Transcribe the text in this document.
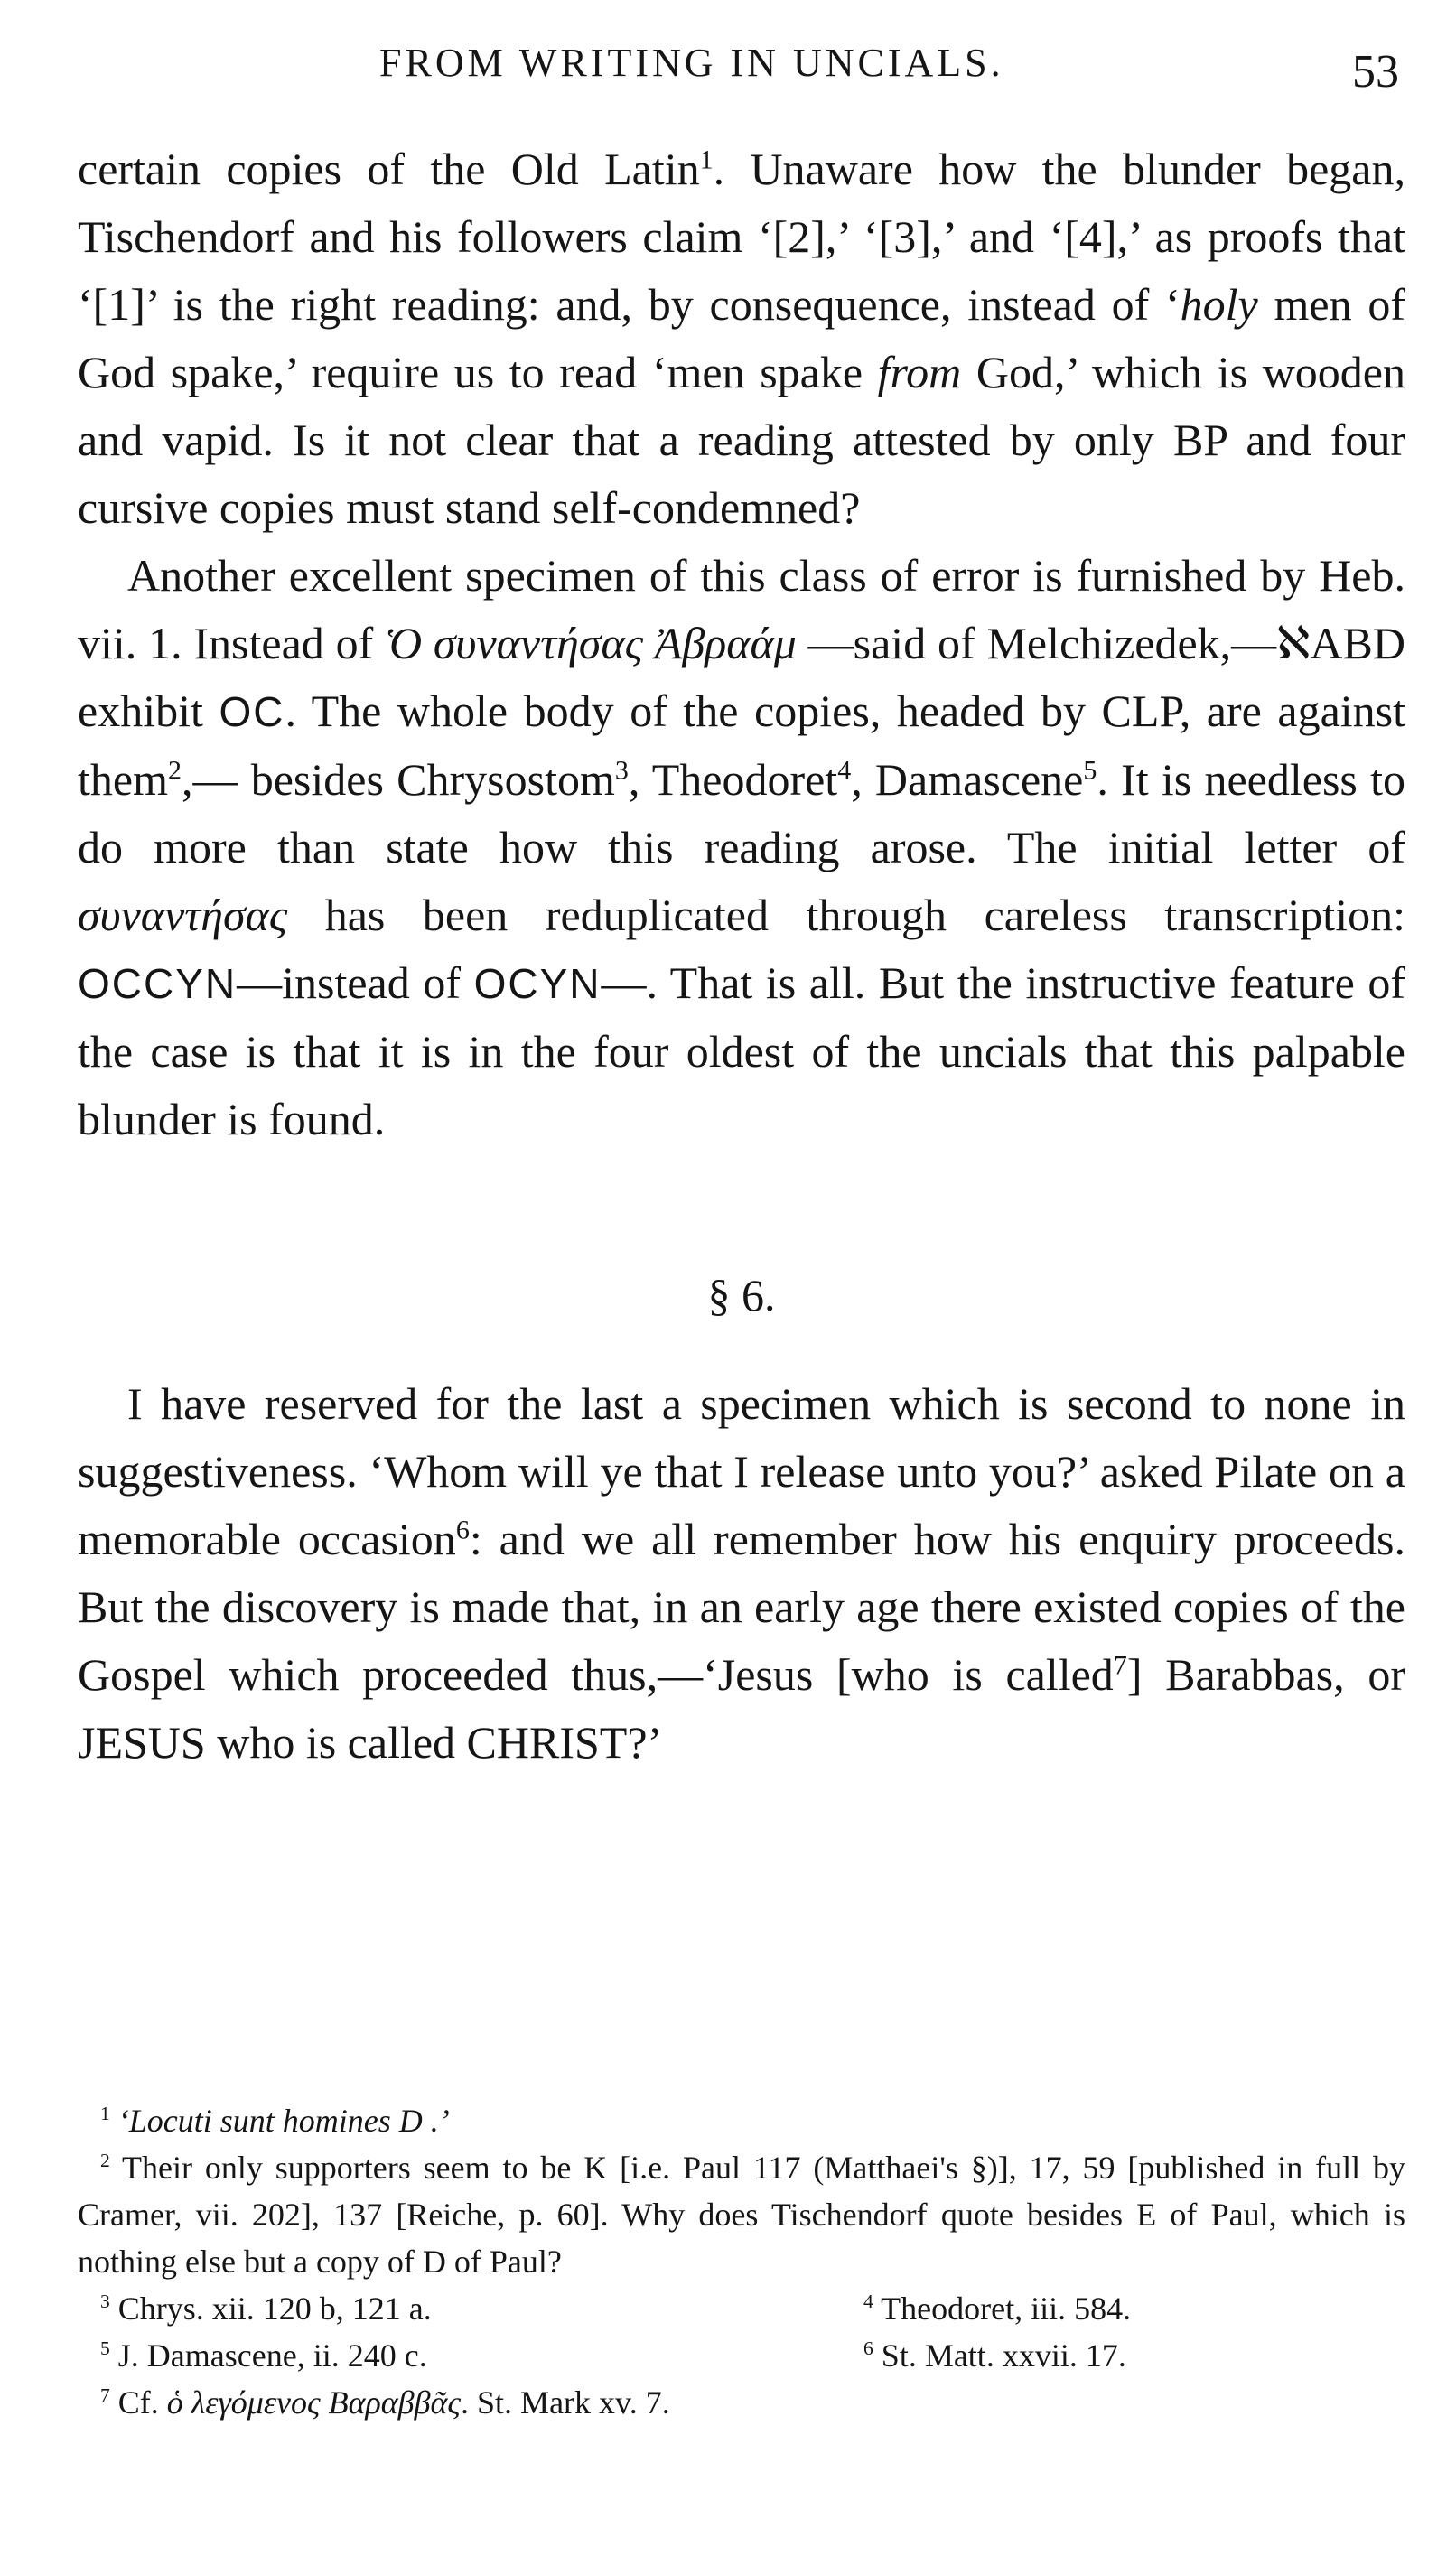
FROM WRITING IN UNCIALS.	53

certain copies of the Old Latin$^1$. Unaware how the blunder began, Tischendorf and his followers claim ‘[2],’ ‘[3],’ and ‘[4],’ as proofs that ‘[1]’ is the right reading: and, by consequence, instead of ‘holy men of God spake,’ require us to read ‘men spake from God,’ which is wooden and vapid. Is it not clear that a reading attested by only BP and four cursive copies must stand self-condemned?

Another excellent specimen of this class of error is furnished by Heb. vii. 1. Instead of Ὁ συναντήσας Ἀβραάμ —said of Melchizedek,—ℵABD exhibit OC. The whole body of the copies, headed by CLP, are against them$^2$,— besides Chrysostom$^3$, Theodoret$^4$, Damascene$^5$. It is needless to do more than state how this reading arose. The initial letter of συναντήσας has been reduplicated through careless transcription: OCCYN—instead of OCYN—. That is all. But the instructive feature of the case is that it is in the four oldest of the uncials that this palpable blunder is found.

§ 6.

I have reserved for the last a specimen which is second to none in suggestiveness. ‘Whom will ye that I release unto you?’ asked Pilate on a memorable occasion$^6$: and we all remember how his enquiry proceeds. But the discovery is made that, in an early age there existed copies of the Gospel which proceeded thus,—‘Jesus [who is called$^7$] Barabbas, or JESUS who is called CHRIST?’

$^1$ ‘Locuti sunt homines D .’

$^2$ Their only supporters seem to be K [i.e. Paul 117 (Matthaei's §)], 17, 59 [published in full by Cramer, vii. 202], 137 [Reiche, p. 60]. Why does Tischendorf quote besides E of Paul, which is nothing else but a copy of D of Paul?

$^3$ Chrys. xii. 120 b, 121 a.	$^4$ Theodoret, iii. 584.
$^5$ J. Damascene, ii. 240 c.	$^6$ St. Matt. xxvii. 17.

$^7$ Cf. ὁ λεγόμενος Βαραββᾶς. St. Mark xv. 7.
